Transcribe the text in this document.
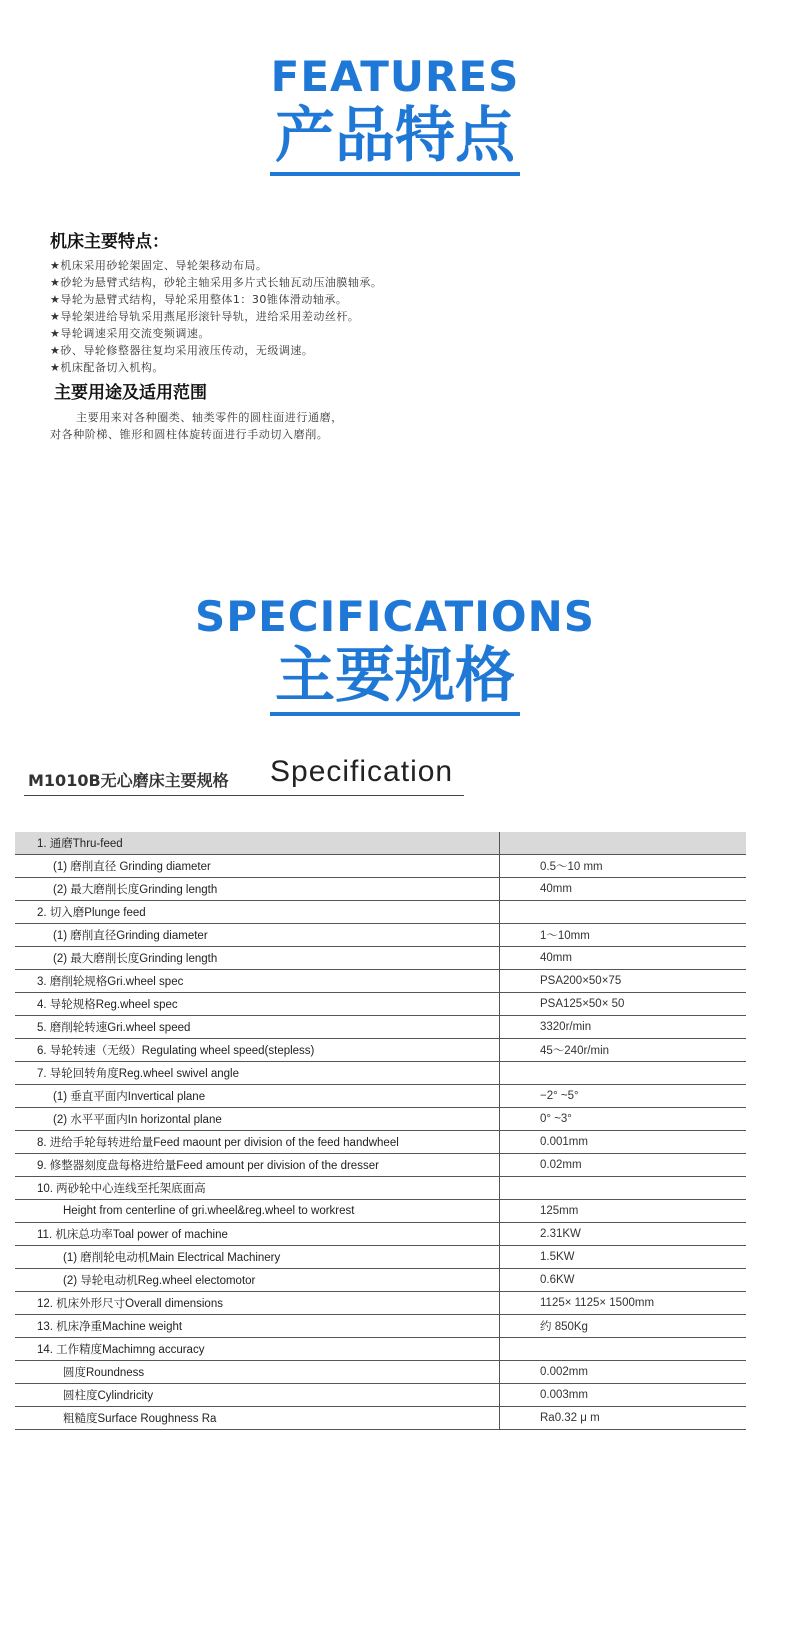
FEATURES
产品特点
机床主要特点：
★机床采用砂轮架固定、导轮架移动布局。
★砂轮为悬臂式结构，砂轮主轴采用多片式长轴瓦动压油膜轴承。
★导轮为悬臂式结构，导轮采用整体1：30锥体滑动轴承。
★导轮架进给导轨采用燕尾形滚针导轨，进给采用差动丝杆。
★导轮调速采用交流变频调速。
★砂、导轮修整器往复均采用液压传动，无级调速。
★机床配备切入机构。
主要用途及适用范围
主要用来对各种圈类、轴类零件的圆柱面进行通磨，
对各种阶梯、锥形和圆柱体旋转面进行手动切入磨削。
SPECIFICATIONS
主要规格
M1010B无心磨床主要规格 Specification
1. 通磨Thru-feed	
(1) 磨削直径 Grinding diameter	0.5～10 mm
(2) 最大磨削长度Grinding length	40mm
2. 切入磨Plunge feed	
(1) 磨削直径Grinding diameter	1～10mm
(2) 最大磨削长度Grinding length	40mm
3. 磨削轮规格Gri.wheel spec	PSA200×50×75
4. 导轮规格Reg.wheel spec	PSA125×50× 50
5. 磨削轮转速Gri.wheel speed	3320r/min
6. 导轮转速（无级）Regulating wheel speed(stepless)	45～240r/min
7. 导轮回转角度Reg.wheel swivel angle	
(1) 垂直平面内Invertical plane	−2° ~5°
(2) 水平平面内In horizontal plane	0° ~3°
8. 进给手轮每转进给量Feed maount per division of the feed handwheel	0.001mm
9. 修整器刻度盘每格进给量Feed amount per division of the dresser	0.02mm
10. 两砂轮中心连线至托架底面高	
Height from centerline of gri.wheel&reg.wheel to workrest	125mm
11. 机床总功率Toal power of machine	2.31KW
(1) 磨削轮电动机Main Electrical Machinery	1.5KW
(2) 导轮电动机Reg.wheel electomotor	0.6KW
12. 机床外形尺寸Overall dimensions	1125× 1125× 1500mm
13. 机床净重Machine weight	约 850Kg
14. 工作精度Machimng accuracy	
圆度Roundness	0.002mm
圆柱度Cylindricity	0.003mm
粗糙度Surface Roughness Ra	Ra0.32 μ m
